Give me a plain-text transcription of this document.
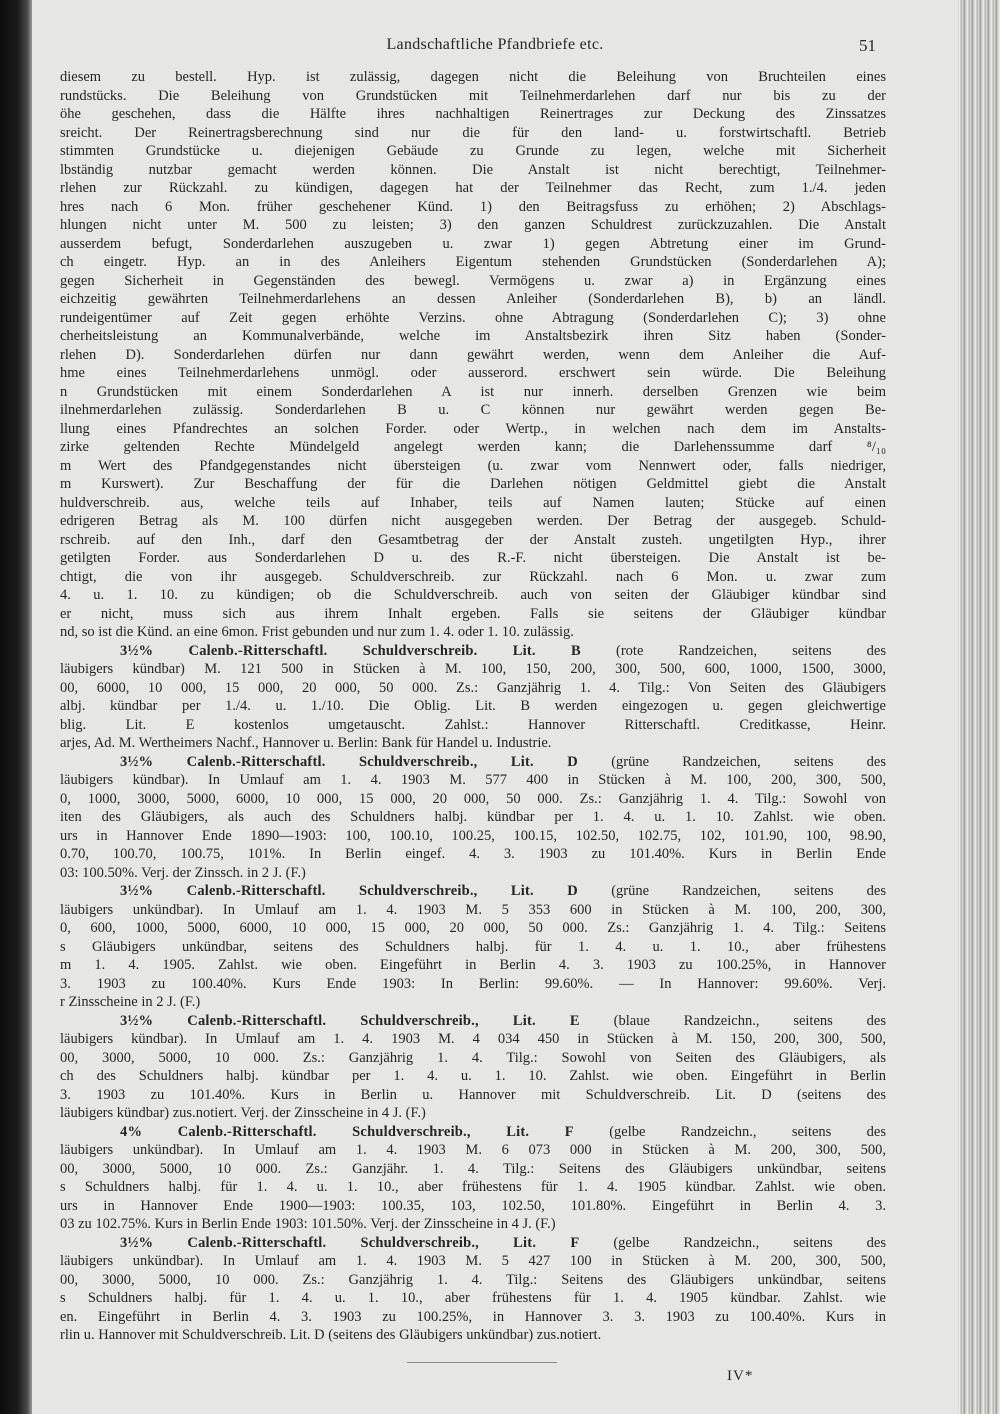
Landschaftliche Pfandbriefe etc.	51
diesem zu bestell. Hyp. ist zulässig, dagegen nicht die Beleihung von Bruchteilen eines
rundstücks. Die Beleihung von Grundstücken mit Teilnehmerdarlehen darf nur bis zu der
öhe geschehen, dass die Hälfte ihres nachhaltigen Reinertrages zur Deckung des Zinssatzes
sreicht. Der Reinertragsberechnung sind nur die für den land- u. forstwirtschaftl. Betrieb
stimmten Grundstücke u. diejenigen Gebäude zu Grunde zu legen, welche mit Sicherheit
lbständig nutzbar gemacht werden können. Die Anstalt ist nicht berechtigt, Teilnehmer-
rlehen zur Rückzahl. zu kündigen, dagegen hat der Teilnehmer das Recht, zum 1./4. jeden
hres nach 6 Mon. früher geschehener Künd. 1) den Beitragsfuss zu erhöhen; 2) Abschlags-
hlungen nicht unter M. 500 zu leisten; 3) den ganzen Schuldrest zurückzuzahlen. Die Anstalt
ausserdem befugt, Sonderdarlehen auszugeben u. zwar 1) gegen Abtretung einer im Grund-
ch eingetr. Hyp. an in des Anleihers Eigentum stehenden Grundstücken (Sonderdarlehen A);
gegen Sicherheit in Gegenständen des bewegl. Vermögens u. zwar a) in Ergänzung eines
eichzeitig gewährten Teilnehmerdarlehens an dessen Anleiher (Sonderdarlehen B), b) an ländl.
rundeigentümer auf Zeit gegen erhöhte Verzins. ohne Abtragung (Sonderdarlehen C); 3) ohne
cherheitsleistung an Kommunalverbände, welche im Anstaltsbezirk ihren Sitz haben (Sonder-
rlehen D). Sonderdarlehen dürfen nur dann gewährt werden, wenn dem Anleiher die Auf-
hme eines Teilnehmerdarlehens unmögl. oder ausserord. erschwert sein würde. Die Beleihung
n Grundstücken mit einem Sonderdarlehen A ist nur innerh. derselben Grenzen wie beim
ilnehmerdarlehen zulässig. Sonderdarlehen B u. C können nur gewährt werden gegen Be-
llung eines Pfandrechtes an solchen Forder. oder Wertp., in welchen nach dem im Anstalts-
zirke geltenden Rechte Mündelgeld angelegt werden kann; die Darlehenssumme darf ⁸/₁₀
m Wert des Pfandgegenstandes nicht übersteigen (u. zwar vom Nennwert oder, falls niedriger,
m Kurswert). Zur Beschaffung der für die Darlehen nötigen Geldmittel giebt die Anstalt
huldverschreib. aus, welche teils auf Inhaber, teils auf Namen lauten; Stücke auf einen
edrigeren Betrag als M. 100 dürfen nicht ausgegeben werden. Der Betrag der ausgegeb. Schuld-
rschreib. auf den Inh., darf den Gesamtbetrag der der Anstalt zusteh. ungetilgten Hyp., ihrer
getilgten Forder. aus Sonderdarlehen D u. des R.-F. nicht übersteigen. Die Anstalt ist be-
chtigt, die von ihr ausgegeb. Schuldverschreib. zur Rückzahl. nach 6 Mon. u. zwar zum
4. u. 1. 10. zu kündigen; ob die Schuldverschreib. auch von seiten der Gläubiger kündbar sind
er nicht, muss sich aus ihrem Inhalt ergeben. Falls sie seitens der Gläubiger kündbar
nd, so ist die Künd. an eine 6mon. Frist gebunden und nur zum 1. 4. oder 1. 10. zulässig.
3½% Calenb.-Ritterschaftl. Schuldverschreib. Lit. B (rote Randzeichen, seitens des
läubigers kündbar) M. 121 500 in Stücken à M. 100, 150, 200, 300, 500, 600, 1000, 1500, 3000,
00, 6000, 10 000, 15 000, 20 000, 50 000. Zs.: Ganzjährig 1. 4. Tilg.: Von Seiten des Gläubigers
albj. kündbar per 1./4. u. 1./10. Die Oblig. Lit. B werden eingezogen u. gegen gleichwertige
blig. Lit. E kostenlos umgetauscht. Zahlst.: Hannover Ritterschaftl. Creditkasse, Heinr.
arjes, Ad. M. Wertheimers Nachf., Hannover u. Berlin: Bank für Handel u. Industrie.
3½% Calenb.-Ritterschaftl. Schuldverschreib., Lit. D (grüne Randzeichen, seitens des
läubigers kündbar). In Umlauf am 1. 4. 1903 M. 577 400 in Stücken à M. 100, 200, 300, 500,
0, 1000, 3000, 5000, 6000, 10 000, 15 000, 20 000, 50 000. Zs.: Ganzjährig 1. 4. Tilg.: Sowohl von
iten des Gläubigers, als auch des Schuldners halbj. kündbar per 1. 4. u. 1. 10. Zahlst. wie oben.
urs in Hannover Ende 1890—1903: 100, 100.10, 100.25, 100.15, 102.50, 102.75, 102, 101.90, 100, 98.90,
0.70, 100.70, 100.75, 101%. In Berlin eingef. 4. 3. 1903 zu 101.40%. Kurs in Berlin Ende
03: 100.50%. Verj. der Zinssch. in 2 J. (F.)
3½% Calenb.-Ritterschaftl. Schuldverschreib., Lit. D (grüne Randzeichen, seitens des
läubigers unkündbar). In Umlauf am 1. 4. 1903 M. 5 353 600 in Stücken à M. 100, 200, 300,
0, 600, 1000, 5000, 6000, 10 000, 15 000, 20 000, 50 000. Zs.: Ganzjährig 1. 4. Tilg.: Seitens
s Gläubigers unkündbar, seitens des Schuldners halbj. für 1. 4. u. 1. 10., aber frühestens
m 1. 4. 1905. Zahlst. wie oben. Eingeführt in Berlin 4. 3. 1903 zu 100.25%, in Hannover
3. 1903 zu 100.40%. Kurs Ende 1903: In Berlin: 99.60%. — In Hannover: 99.60%. Verj.
r Zinsscheine in 2 J. (F.)
3½% Calenb.-Ritterschaftl. Schuldverschreib., Lit. E (blaue Randzeichn., seitens des
läubigers kündbar). In Umlauf am 1. 4. 1903 M. 4 034 450 in Stücken à M. 150, 200, 300, 500,
00, 3000, 5000, 10 000. Zs.: Ganzjährig 1. 4. Tilg.: Sowohl von Seiten des Gläubigers, als
ch des Schuldners halbj. kündbar per 1. 4. u. 1. 10. Zahlst. wie oben. Eingeführt in Berlin
3. 1903 zu 101.40%. Kurs in Berlin u. Hannover mit Schuldverschreib. Lit. D (seitens des
läubigers kündbar) zus.notiert. Verj. der Zinsscheine in 4 J. (F.)
4% Calenb.-Ritterschaftl. Schuldverschreib., Lit. F (gelbe Randzeichn., seitens des
läubigers unkündbar). In Umlauf am 1. 4. 1903 M. 6 073 000 in Stücken à M. 200, 300, 500,
00, 3000, 5000, 10 000. Zs.: Ganzjähr. 1. 4. Tilg.: Seitens des Gläubigers unkündbar, seitens
s Schuldners halbj. für 1. 4. u. 1. 10., aber frühestens für 1. 4. 1905 kündbar. Zahlst. wie oben.
urs in Hannover Ende 1900—1903: 100.35, 103, 102.50, 101.80%. Eingeführt in Berlin 4. 3.
03 zu 102.75%. Kurs in Berlin Ende 1903: 101.50%. Verj. der Zinsscheine in 4 J. (F.)
3½% Calenb.-Ritterschaftl. Schuldverschreib., Lit. F (gelbe Randzeichn., seitens des
läubigers unkündbar). In Umlauf am 1. 4. 1903 M. 5 427 100 in Stücken à M. 200, 300, 500,
00, 3000, 5000, 10 000. Zs.: Ganzjährig 1. 4. Tilg.: Seitens des Gläubigers unkündbar, seitens
s Schuldners halbj. für 1. 4. u. 1. 10., aber frühestens für 1. 4. 1905 kündbar. Zahlst. wie
en. Eingeführt in Berlin 4. 3. 1903 zu 100.25%, in Hannover 3. 3. 1903 zu 100.40%. Kurs in
rlin u. Hannover mit Schuldverschreib. Lit. D (seitens des Gläubigers unkündbar) zus.notiert.
IV*
